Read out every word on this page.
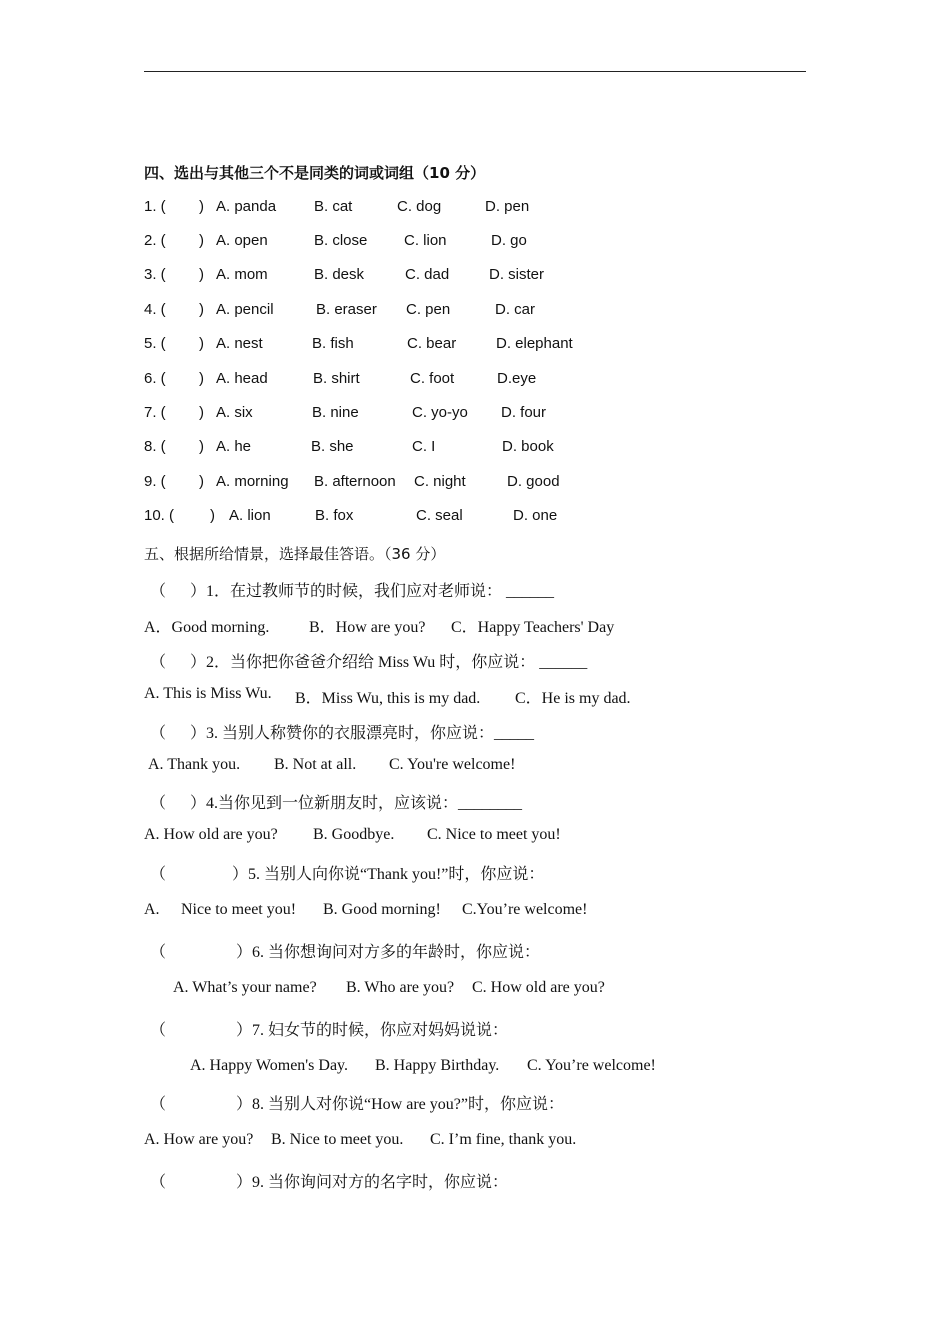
四、选出与其他三个不是同类的词或词组（10 分）
1. ( ) A. panda	B. cat	C. dog	D. pen
2. ( ) A. open	B. close C. lion	D. go
3. ( ) A. mom	B. desk	C. dad	D. sister
4. ( ) A. pencil	B. eraser C. pen	D. car
5. ( ) A. nest	B. fish	C. bear	D. elephant
6. ( ) A. head	B. shirt	C. foot	D.eye
7. ( ) A. six	B. nine	C. yo-yo D. four
8. ( ) A. he	B. she	C. I	D. book
9. ( ) A. morning B. afternoon C. night	D. good
10. ( ) A. lion	B. fox	C. seal	D. one
五、根据所给情景，选择最佳答语。（36 分）
（ ）1．在过教师节的时候，我们应对老师说： ______
A．Good morning. B．How are you? C．Happy Teachers' Day
（ ）2．当你把你爸爸介绍给 Miss Wu 时，你应说： ______
A. This is Miss Wu. B．Miss Wu, this is my dad. C．He is my dad.
（ ）3. 当别人称赞你的衣服漂亮时，你应说：_____
A. Thank you. B. Not at all. C. You're welcome!
（ ）4.当你见到一位新朋友时，应该说：________
A. How old are you? B. Goodbye. C. Nice to meet you!
（	）5. 当别人向你说“Thank you!”时，你应说：
A. Nice to meet you! B. Good morning! C.You’re welcome!
（	）6. 当你想询问对方多的年龄时，你应说：
A. What’s your name? B. Who are you? C. How old are you?
（	）7. 妇女节的时候，你应对妈妈说说：
A. Happy Women's Day. B. Happy Birthday. C. You’re welcome!
（	）8. 当别人对你说“How are you?”时，你应说：
A. How are you? B. Nice to meet you. C. I’m fine, thank you.
（	）9. 当你询问对方的名字时，你应说：
